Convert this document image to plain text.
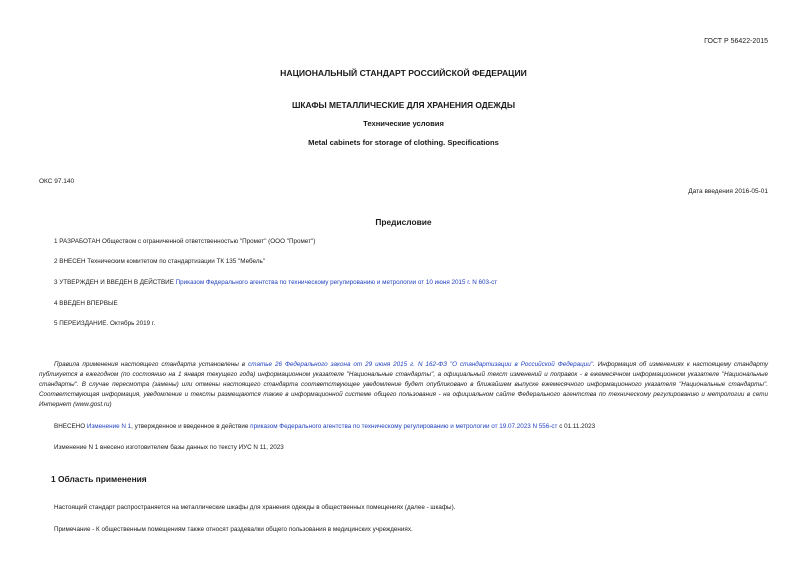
ГОСТ Р 56422-2015
НАЦИОНАЛЬНЫЙ СТАНДАРТ РОССИЙСКОЙ ФЕДЕРАЦИИ
ШКАФЫ МЕТАЛЛИЧЕСКИЕ ДЛЯ ХРАНЕНИЯ ОДЕЖДЫ
Технические условия
Metal cabinets for storage of clothing. Specifications
ОКС 97.140
Дата введения 2016-05-01
Предисловие
1 РАЗРАБОТАН Обществом с ограниченной ответственностью "Промет" (ООО "Промет")
2 ВНЕСЕН Техническим комитетом по стандартизации ТК 135 "Мебель"
3 УТВЕРЖДЕН И ВВЕДЕН В ДЕЙСТВИЕ Приказом Федерального агентства по техническому регулированию и метрологии от 10 июня 2015 г. N 603-ст
4 ВВЕДЕН ВПЕРВЫЕ
5 ПЕРЕИЗДАНИЕ. Октябрь 2019 г.
Правила применения настоящего стандарта установлены в статье 26 Федерального закона от 29 июня 2015 г. N 162-ФЗ "О стандартизации в Российской Федерации". Информация об изменениях к настоящему стандарту публикуется в ежегодном (по состоянию на 1 января текущего года) информационном указателе "Национальные стандарты", а официальный текст изменений и поправок - в ежемесячном информационном указателе "Национальные стандарты". В случае пересмотра (замены) или отмены настоящего стандарта соответствующее уведомление будет опубликовано в ближайшем выпуске ежемесячного информационного указателя "Национальные стандарты". Соответствующая информация, уведомление и тексты размещаются также в информационной системе общего пользования - на официальном сайте Федерального агентства по техническому регулированию и метрологии в сети Интернет (www.gost.ru)
ВНЕСЕНО Изменение N 1, утвержденное и введенное в действие приказом Федерального агентства по техническому регулированию и метрологии от 19.07.2023 N 556-ст с 01.11.2023
Изменение N 1 внесено изготовителем базы данных по тексту ИУС N 11, 2023
1 Область применения
Настоящий стандарт распространяется на металлические шкафы для хранения одежды в общественных помещениях (далее - шкафы).
Примечание - К общественным помещениям также относят раздевалки общего пользования в медицинских учреждениях.
